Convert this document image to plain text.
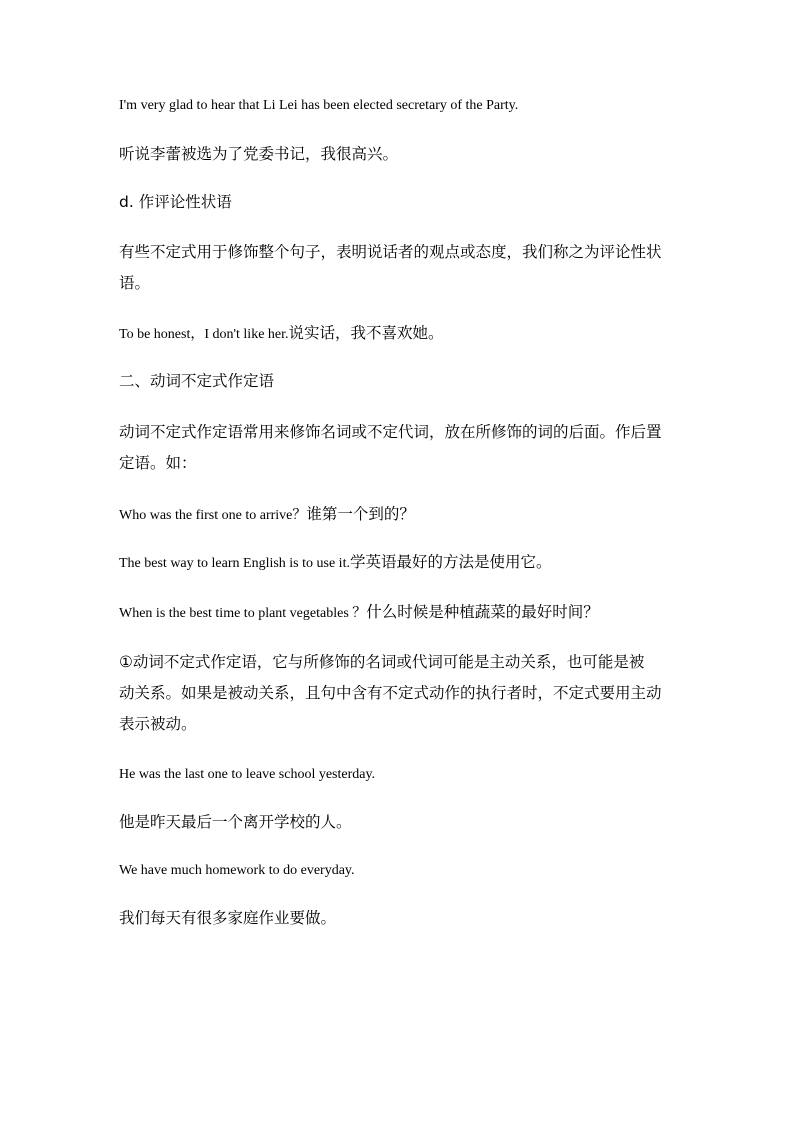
I'm very glad to hear that Li Lei has been elected secretary of the Party.

听说李蕾被选为了党委书记，我很高兴。

d. 作评论性状语

有些不定式用于修饰整个句子，表明说话者的观点或态度，我们称之为评论性状
语。

To be honest，I don't like her.说实话，我不喜欢她。

二、动词不定式作定语

动词不定式作定语常用来修饰名词或不定代词，放在所修饰的词的后面。作后置
定语。如：

Who was the first one to arrive？谁第一个到的？

The best way to learn English is to use it.学英语最好的方法是使用它。

When is the best time to plant vegetables ？什么时候是种植蔬菜的最好时间？

①动词不定式作定语，它与所修饰的名词或代词可能是主动关系，也可能是被
动关系。如果是被动关系，且句中含有不定式动作的执行者时，不定式要用主动
表示被动。

He was the last one to leave school yesterday.

他是昨天最后一个离开学校的人。

We have much homework to do everyday.

我们每天有很多家庭作业要做。
